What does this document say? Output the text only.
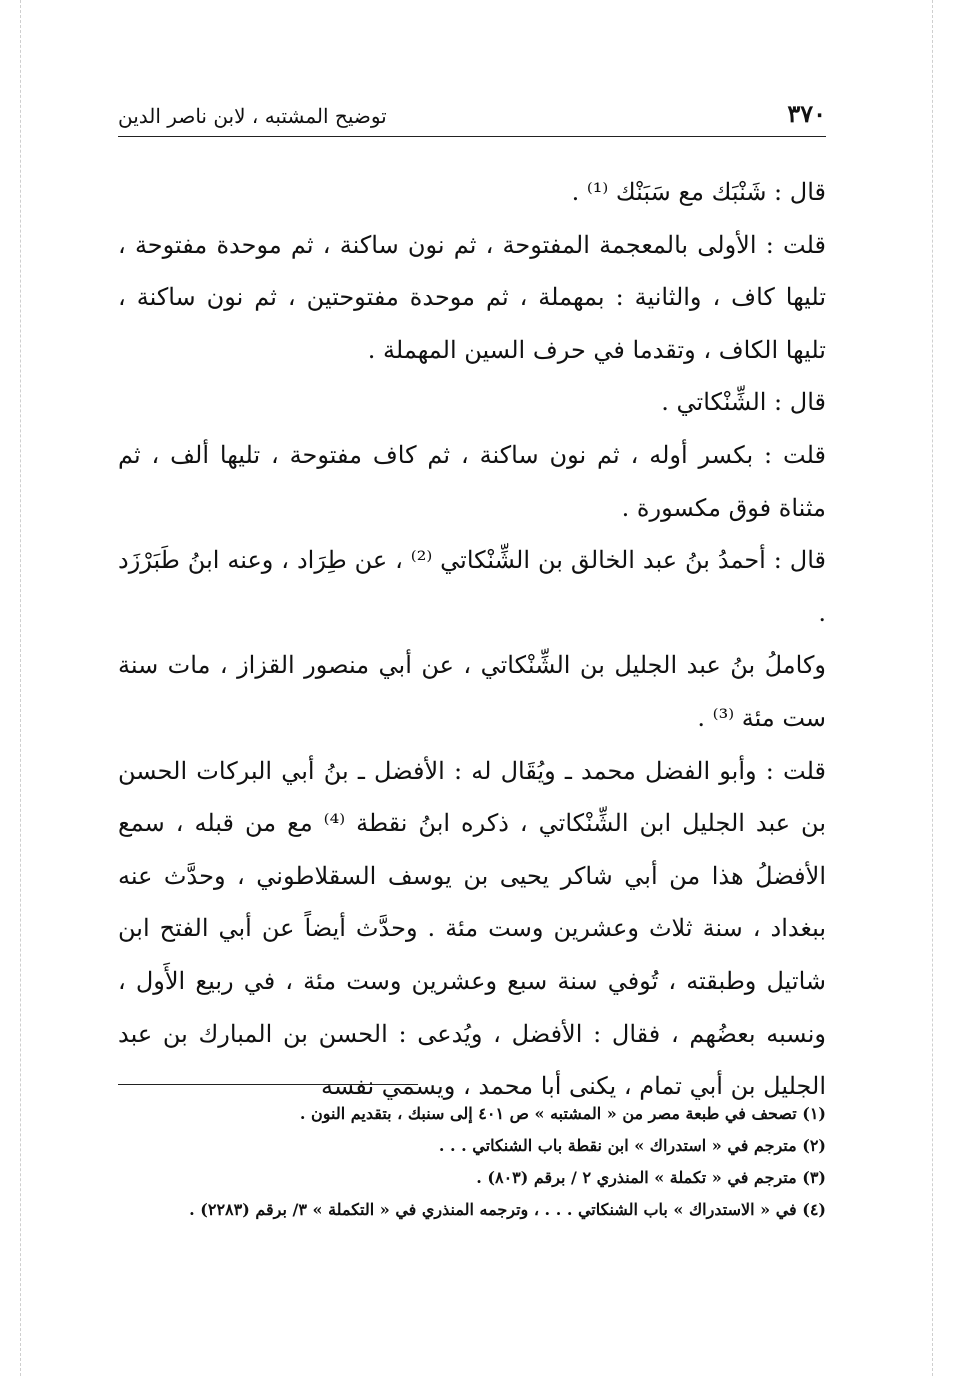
٣٧٠
توضيح المشتبه ، لابن ناصر الدين

قال : شَنْبَك مع سَبَنْك ⁽¹⁾ .

قلت : الأولى بالمعجمة المفتوحة ، ثم نون ساكنة ، ثم موحدة مفتوحة ، تليها كاف ، والثانية : بمهملة ، ثم موحدة مفتوحتين ، ثم نون ساكنة ، تليها الكاف ، وتقدما في حرف السين المهملة .

قال : الشِّنْكاتي .

قلت : بكسر أوله ، ثم نون ساكنة ، ثم كاف مفتوحة ، تليها ألف ، ثم مثناة فوق مكسورة .

قال : أحمدُ بنُ عبد الخالق بن الشِّنْكاتي ⁽²⁾ ، عن طِرَاد ، وعنه ابنُ طَبَرْزَد .

وكاملُ بنُ عبد الجليل بن الشِّنْكاتي ، عن أبي منصور القزاز ، مات سنة ست مئة ⁽³⁾ .

قلت : وأبو الفضل محمد ـ ويُقَال له : الأفضل ـ بنُ أبي البركات الحسن بن عبد الجليل ابن الشِّنْكاتي ، ذكره ابنُ نقطة ⁽⁴⁾ مع من قبله ، سمع الأفضلُ هذا من أبي شاكر يحيى بن يوسف السقلاطوني ، وحدَّث عنه ببغداد ، سنة ثلاث وعشرين وست مئة . وحدَّث أيضاً عن أبي الفتح ابن شاتيل وطبقته ، تُوفي سنة سبع وعشرين وست مئة ، في ربيع الأَول ، ونسبه بعضُهم ، فقال : الأفضل ، ويُدعى : الحسن بن المبارك بن عبد الجليل بن أبي تمام ، يكنى أبا محمد ، ويسمي نفسه

(١) تصحف في طبعة مصر من « المشتبه » ص ٤٠١ إلى سنبك ، بتقديم النون .

(٢) مترجم في « استدراك » ابن نقطة باب الشنكاتي . . .

(٣) مترجم في « تكملة » المنذري ٢ / برقم (٨٠٣) .

(٤) في « الاستدراك » باب الشنكاتي . . . ، وترجمه المنذري في « التكملة » ٣/ برقم (٢٢٨٣) .
